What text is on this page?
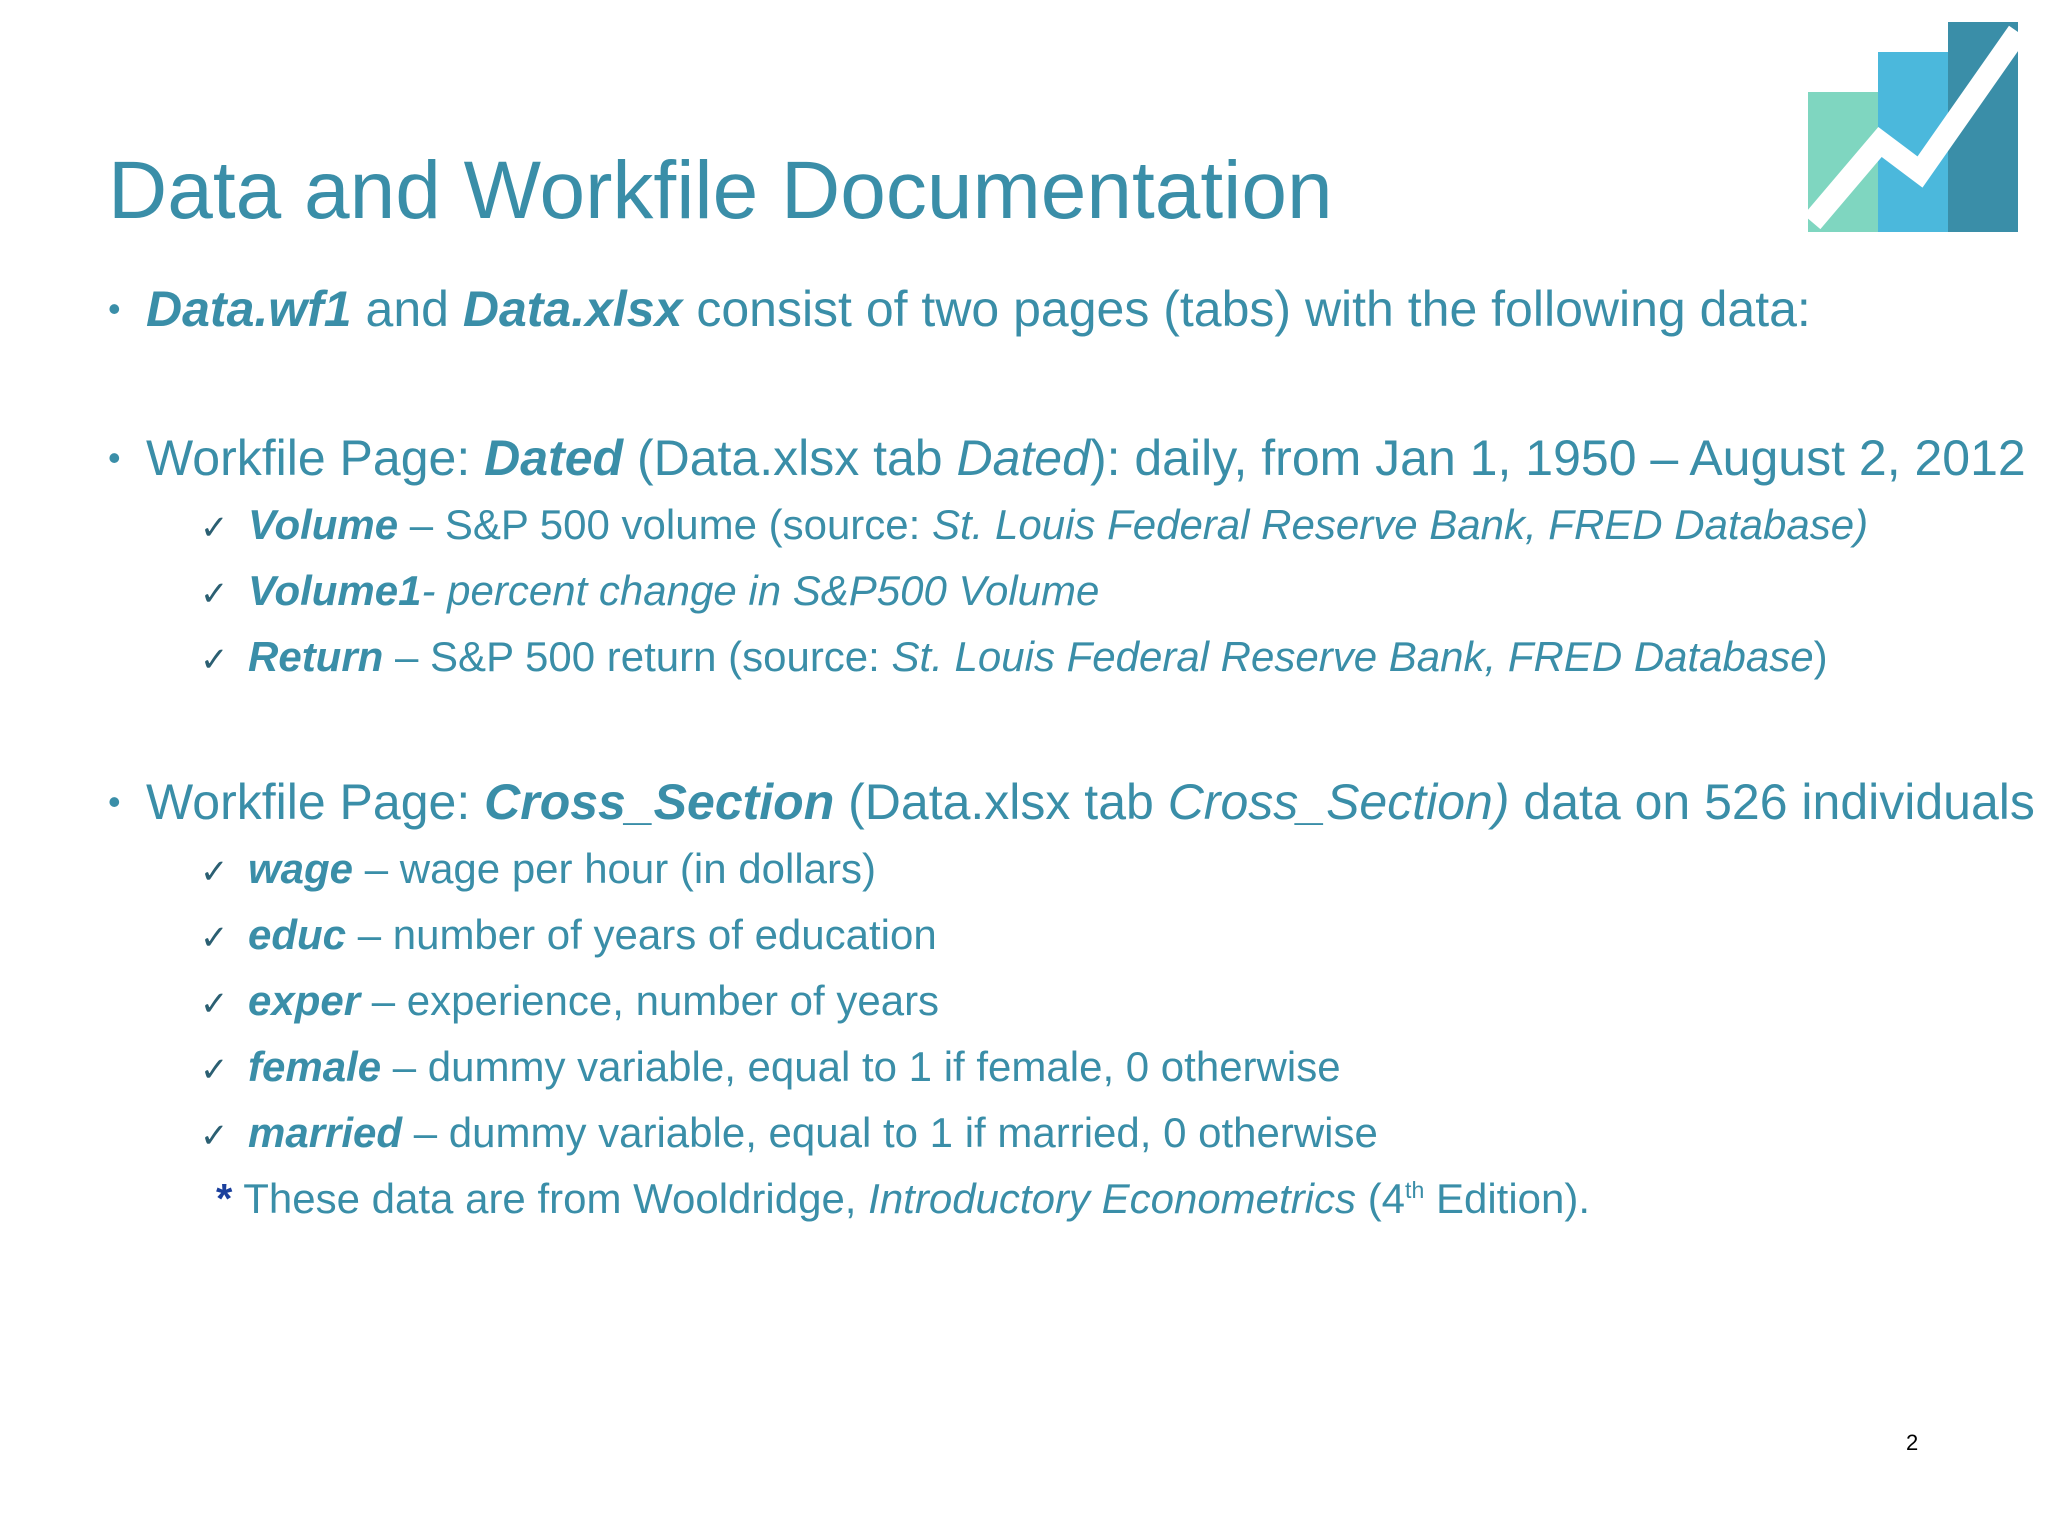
Data and Workfile Documentation
• Data.wf1 and Data.xlsx consist of two pages (tabs) with the following data:
• Workfile Page: Dated (Data.xlsx tab Dated): daily, from Jan 1, 1950 – August 2, 2012
✓ Volume – S&P 500 volume (source: St. Louis Federal Reserve Bank, FRED Database)
✓ Volume1- percent change in S&P500 Volume
✓ Return – S&P 500 return (source: St. Louis Federal Reserve Bank, FRED Database)
• Workfile Page: Cross_Section (Data.xlsx tab Cross_Section) data on 526 individuals
✓ wage – wage per hour (in dollars)
✓ educ – number of years of education
✓ exper – experience, number of years
✓ female – dummy variable, equal to 1 if female, 0 otherwise
✓ married – dummy variable, equal to 1 if married, 0 otherwise
* These data are from Wooldridge, Introductory Econometrics (4th Edition).
2
